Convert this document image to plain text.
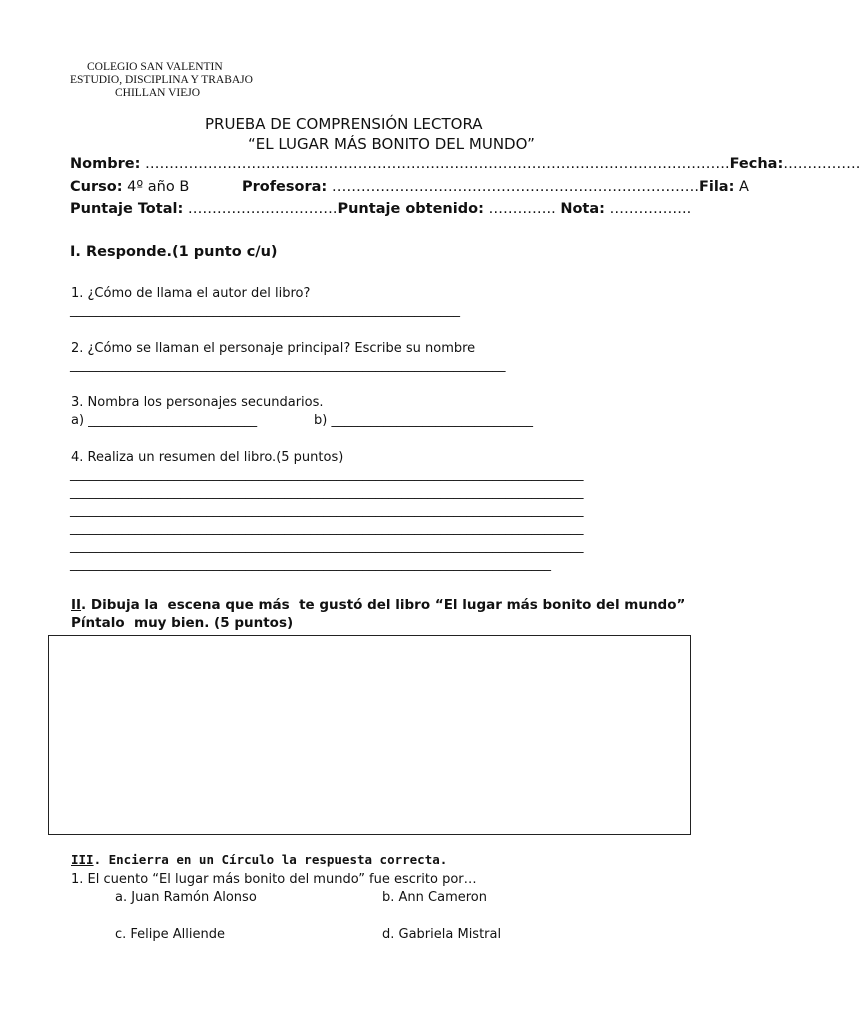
COLEGIO SAN VALENTIN
ESTUDIO, DISCIPLINA Y TRABAJO
CHILLAN VIEJO
PRUEBA DE COMPRENSIÓN LECTORA
“EL LUGAR MÁS BONITO DEL MUNDO”
Nombre: ………………………………………………………………………………………………………….Fecha:…………….
Curso: 4º año B	Profesora: ………………………………………………………………….Fila: A
Puntaje Total: ………………………….Puntaje obtenido: ………….. Nota: ……………..
I. Responde.(1 punto c/u)
1. ¿Cómo de llama el autor del libro?
____________________________________________________________
2. ¿Cómo se llaman el personaje principal? Escribe su nombre
___________________________________________________________________
3. Nombra los personajes secundarios.
a) __________________________	b) _______________________________
4. Realiza un resumen del libro.(5 puntos)
_______________________________________________________________________________
_______________________________________________________________________________
_______________________________________________________________________________
_______________________________________________________________________________
_______________________________________________________________________________
__________________________________________________________________________
II. Dibuja la  escena que más  te gustó del libro “El lugar más bonito del mundo”
Píntalo  muy bien. (5 puntos)
III. Encierra en un Círculo la respuesta correcta.
1. El cuento “El lugar más bonito del mundo” fue escrito por…
a. Juan Ramón Alonso	b. Ann Cameron
c. Felipe Alliende	d. Gabriela Mistral
